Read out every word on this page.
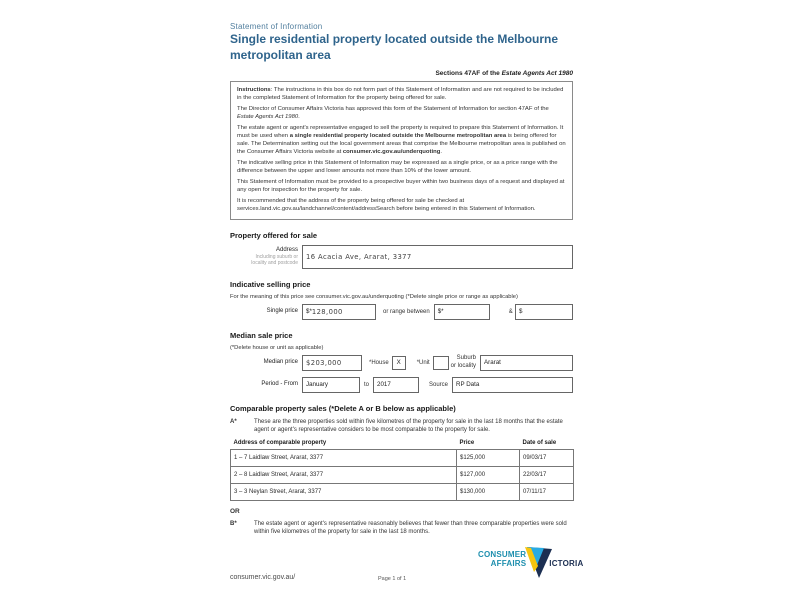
Statement of Information
Single residential property located outside the Melbourne metropolitan area
Sections 47AF of the Estate Agents Act 1980

Instructions: The instructions in this box do not form part of this Statement of Information and are not required to be included in the completed Statement of Information for the property being offered for sale.

The Director of Consumer Affairs Victoria has approved this form of the Statement of Information for section 47AF of the Estate Agents Act 1980.

The estate agent or agent's representative engaged to sell the property is required to prepare this Statement of Information. It must be used when a single residential property located outside the Melbourne metropolitan area is being offered for sale. The Determination setting out the local government areas that comprise the Melbourne metropolitan area is published on the Consumer Affairs Victoria website at consumer.vic.gov.au/underquoting.

The indicative selling price in this Statement of Information may be expressed as a single price, or as a price range with the difference between the upper and lower amounts not more than 10% of the lower amount.

This Statement of Information must be provided to a prospective buyer within two business days of a request and displayed at any open for inspection for the property for sale.

It is recommended that the address of the property being offered for sale be checked at services.land.vic.gov.au/landchannel/content/addressSearch before being entered in this Statement of Information.

Property offered for sale
Address
Including suburb or
locality and postcode
16 Acacia Ave, Ararat, 3377
Indicative selling price
For the meaning of this price see consumer.vic.gov.au/underquoting (*Delete single price or range as applicable)
Single price	$* 128,000	or range between $*	& $
Median sale price
(*Delete house or unit as applicable)
Median price	$203,000	*House X	*Unit
Suburb
or locality Ararat
Period - From	January	to 2017	Source	RP Data
Comparable property sales (*Delete A or B below as applicable)
A*	These are the three properties sold within five kilometres of the property for sale in the last 18 months that the estate agent or agent's representative considers to be most comparable to the property for sale.
Address of comparable property	Price	Date of sale
1 – 7 Laidlaw Street, Ararat, 3377	$125,000	09/03/17
2 – 8 Laidlaw Street, Ararat, 3377	$127,000	22/03/17
3 – 3 Neylan Street, Ararat, 3377	$130,000	07/11/17
OR
B*	The estate agent or agent's representative reasonably believes that fewer than three comparable properties were sold within five kilometres of the property for sale in the last 18 months.
CONSUMER
AFFAIRS	ICTORIA
consumer.vic.gov.au/	Page 1 of 1
